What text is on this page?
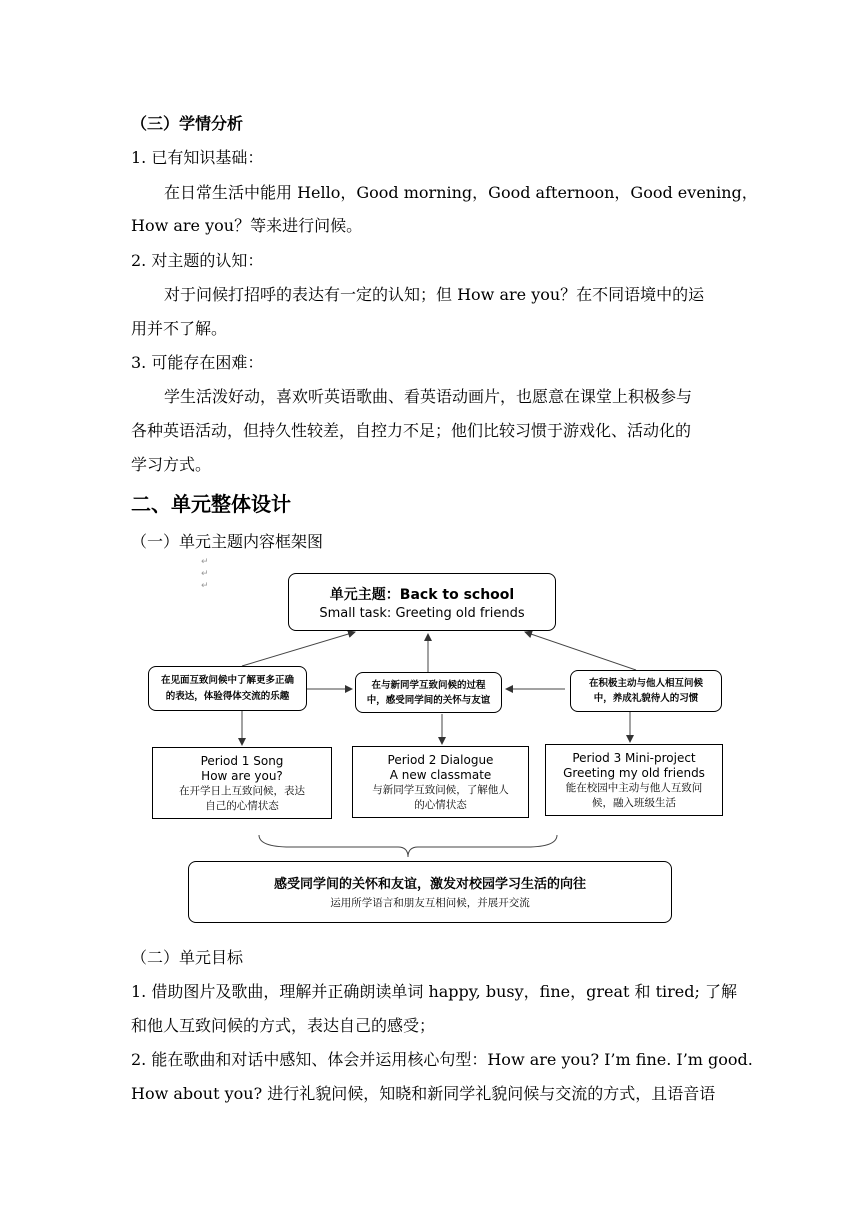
（三）学情分析
1. 已有知识基础：
在日常生活中能用 Hello，Good morning，Good afternoon，Good evening，
How are you？等来进行问候。
2. 对主题的认知：
对于问候打招呼的表达有一定的认知；但 How are you？在不同语境中的运
用并不了解。
3. 可能存在困难：
学生活泼好动，喜欢听英语歌曲、看英语动画片，也愿意在课堂上积极参与
各种英语活动，但持久性较差，自控力不足；他们比较习惯于游戏化、活动化的
学习方式。
二、单元整体设计
（一）单元主题内容框架图
↵
↵
↵
单元主题：Back to school
Small task: Greeting old friends
在见面互致问候中了解更多正确
的表达，体验得体交流的乐趣
在与新同学互致问候的过程
中，感受同学间的关怀与友谊
在积极主动与他人相互问候
中，养成礼貌待人的习惯
Period 1 Song
How are you?
在开学日上互致问候，表达
自己的心情状态
Period 2 Dialogue
A new classmate
与新同学互致问候，了解他人
的心情状态
Period 3 Mini-project
Greeting my old friends
能在校园中主动与他人互致问
候，融入班级生活
感受同学间的关怀和友谊，激发对校园学习生活的向往
运用所学语言和朋友互相问候，并展开交流
（二）单元目标
1. 借助图片及歌曲，理解并正确朗读单词 happy, busy，fine，great 和 tired; 了解
和他人互致问候的方式，表达自己的感受；
2. 能在歌曲和对话中感知、体会并运用核心句型：How are you? I’m fine. I’m good.
How about you? 进行礼貌问候，知晓和新同学礼貌问候与交流的方式，且语音语
